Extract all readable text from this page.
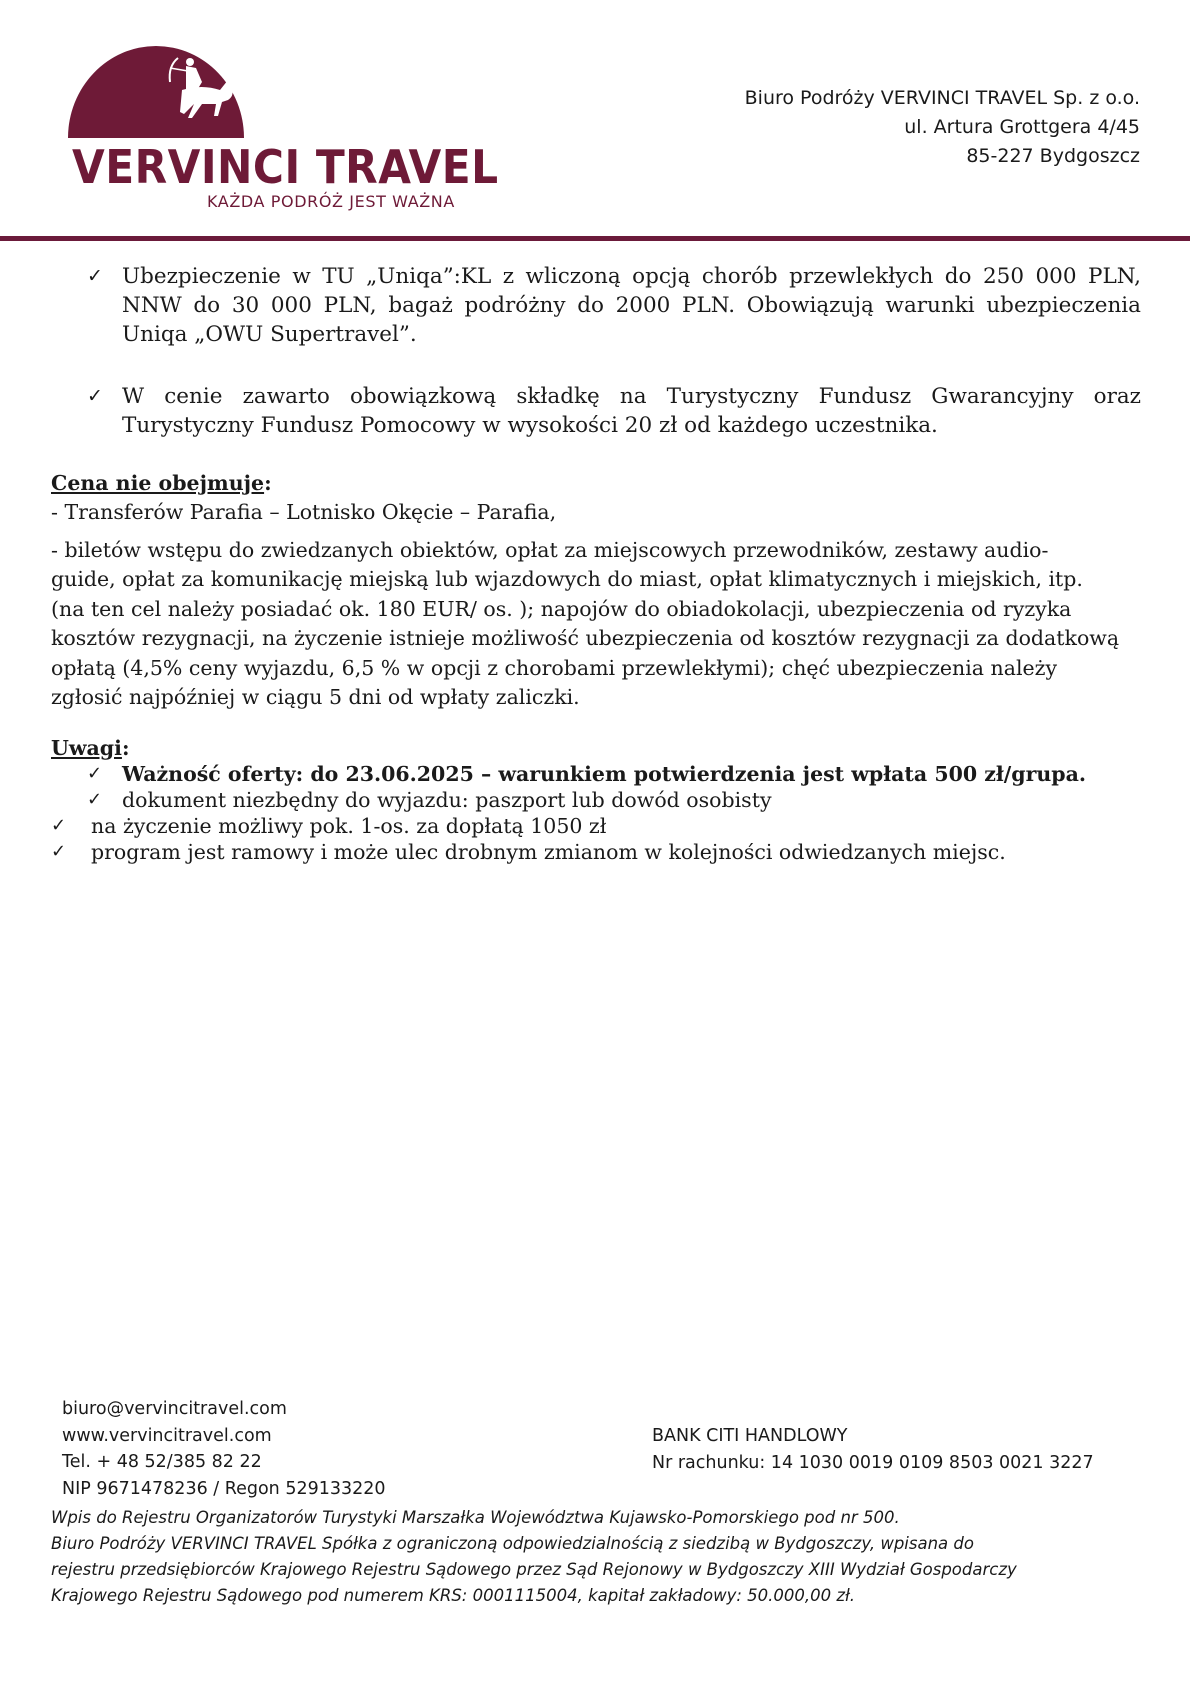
VERVINCI TRAVEL
KAŻDA PODRÓŻ JEST WAŻNA
Biuro Podróży VERVINCI TRAVEL Sp. z o.o.
ul. Artura Grottgera 4/45
85-227 Bydgoszcz
✓ Ubezpieczenie w TU „Uniqa”:KL z wliczoną opcją chorób przewlekłych do 250 000 PLN, NNW do 30 000 PLN, bagaż podróżny do 2000 PLN. Obowiązują warunki ubezpieczenia Uniqa „OWU Supertravel”.
✓ W cenie zawarto obowiązkową składkę na Turystyczny Fundusz Gwarancyjny oraz Turystyczny Fundusz Pomocowy w wysokości 20 zł od każdego uczestnika.
Cena nie obejmuje:
- Transferów Parafia – Lotnisko Okęcie – Parafia,
- biletów wstępu do zwiedzanych obiektów, opłat za miejscowych przewodników, zestawy audio-
guide, opłat za komunikację miejską lub wjazdowych do miast, opłat klimatycznych i miejskich, itp.
(na ten cel należy posiadać ok. 180 EUR/ os. ); napojów do obiadokolacji, ubezpieczenia od ryzyka
kosztów rezygnacji, na życzenie istnieje możliwość ubezpieczenia od kosztów rezygnacji za dodatkową
opłatą (4,5% ceny wyjazdu, 6,5 % w opcji z chorobami przewlekłymi); chęć ubezpieczenia należy
zgłosić najpóźniej w ciągu 5 dni od wpłaty zaliczki.
Uwagi:
✓ Ważność oferty: do 23.06.2025 – warunkiem potwierdzenia jest wpłata 500 zł/grupa.
✓ dokument niezbędny do wyjazdu: paszport lub dowód osobisty
✓ na życzenie możliwy pok. 1-os. za dopłatą 1050 zł
✓ program jest ramowy i może ulec drobnym zmianom w kolejności odwiedzanych miejsc.
biuro@vervincitravel.com
www.vervincitravel.com
Tel. + 48 52/385 82 22
NIP 9671478236 / Regon 529133220
BANK CITI HANDLOWY
Nr rachunku: 14 1030 0019 0109 8503 0021 3227
Wpis do Rejestru Organizatorów Turystyki Marszałka Województwa Kujawsko-Pomorskiego pod nr 500.
Biuro Podróży VERVINCI TRAVEL Spółka z ograniczoną odpowiedzialnością z siedzibą w Bydgoszczy, wpisana do
rejestru przedsiębiorców Krajowego Rejestru Sądowego przez Sąd Rejonowy w Bydgoszczy XIII Wydział Gospodarczy
Krajowego Rejestru Sądowego pod numerem KRS: 0001115004, kapitał zakładowy: 50.000,00 zł.
